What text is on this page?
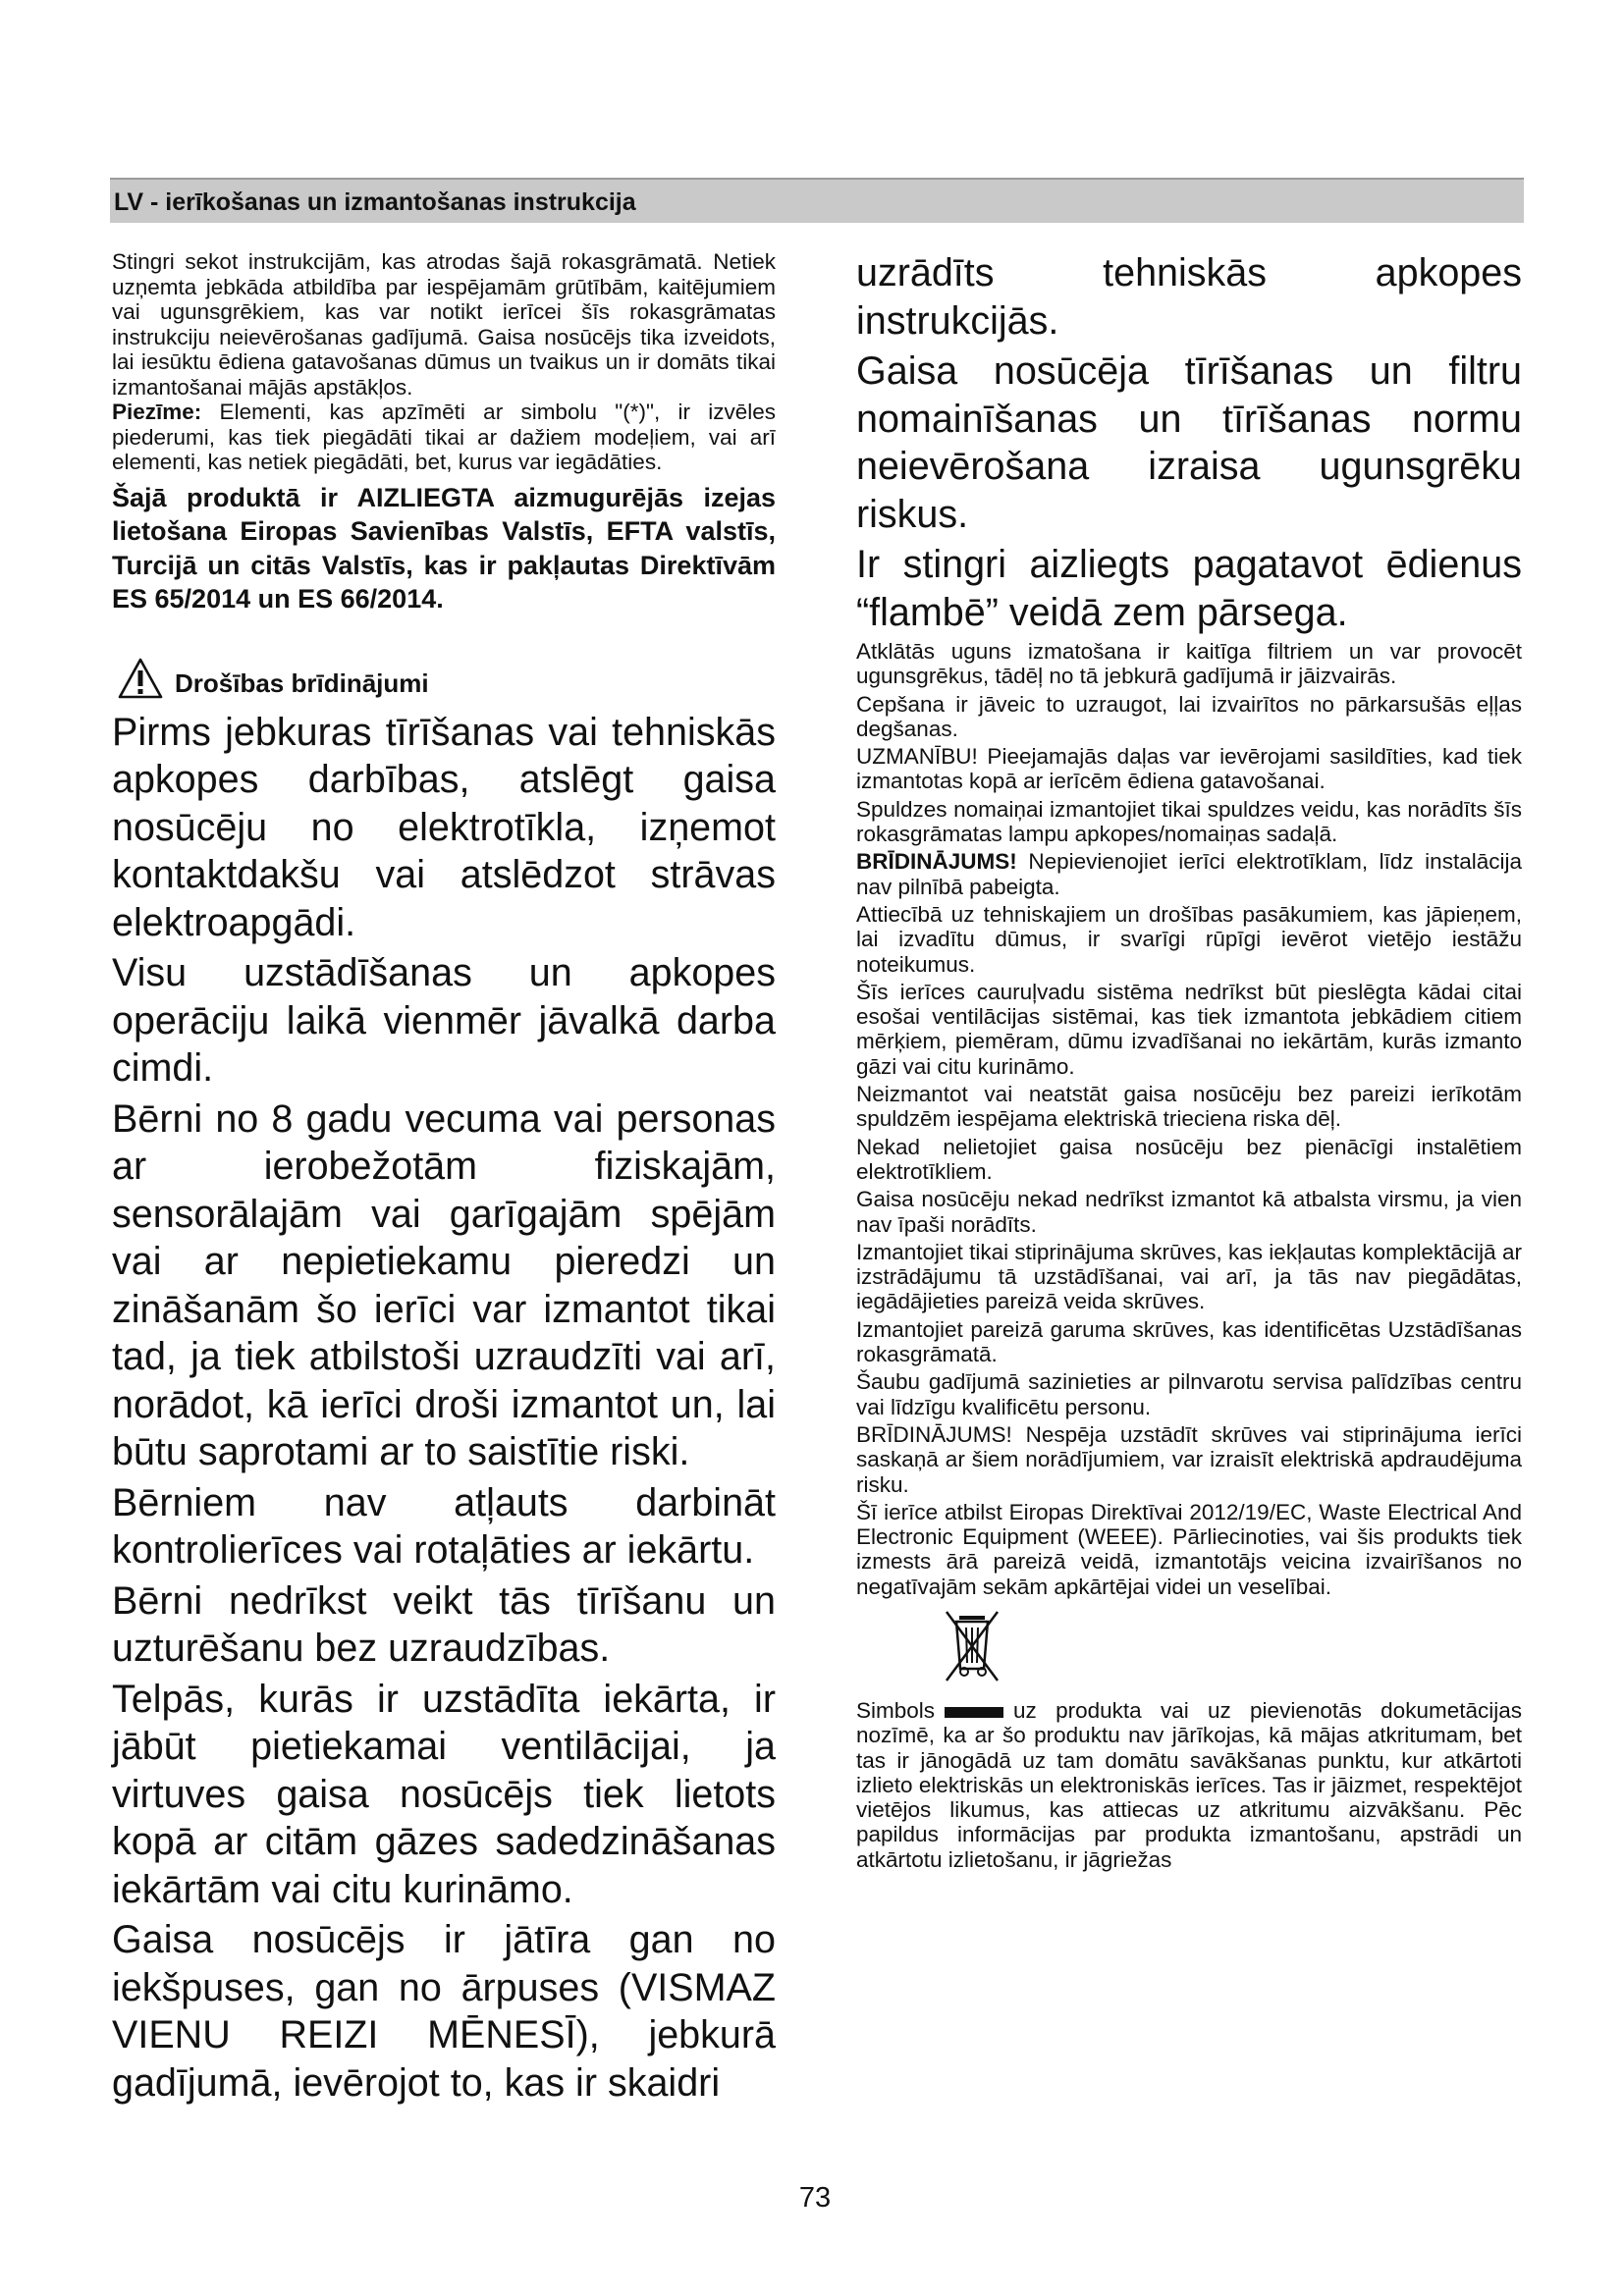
LV - ierīkošanas un izmantošanas instrukcija

Stingri sekot instrukcijām, kas atrodas šajā rokasgrāmatā. Netiek uzņemta jebkāda atbildība par iespējamām grūtībām, kaitējumiem vai ugunsgrēkiem, kas var notikt ierīcei šīs rokasgrāmatas instrukciju neievērošanas gadījumā. Gaisa nosūcējs tika izveidots, lai iesūktu ēdiena gatavošanas dūmus un tvaikus un ir domāts tikai izmantošanai mājās apstākļos.

Piezīme: Elementi, kas apzīmēti ar simbolu "(*)", ir izvēles piederumi, kas tiek piegādāti tikai ar dažiem modeļiem, vai arī elementi, kas netiek piegādāti, bet, kurus var iegādāties.

Šajā produktā ir AIZLIEGTA aizmugurējās izejas lietošana Eiropas Savienības Valstīs, EFTA valstīs, Turcijā un citās Valstīs, kas ir pakļautas Direktīvām ES 65/2014 un ES 66/2014.

Drošības brīdinājumi

Pirms jebkuras tīrīšanas vai tehniskās apkopes darbības, atslēgt gaisa nosūcēju no elektrotīkla, izņemot kontaktdakšu vai atslēdzot strāvas elektroapgādi.

Visu uzstādīšanas un apkopes operāciju laikā vienmēr jāvalkā darba cimdi.

Bērni no 8 gadu vecuma vai personas ar ierobežotām fiziskajām, sensorālajām vai garīgajām spējām vai ar nepietiekamu pieredzi un zināšanām šo ierīci var izmantot tikai tad, ja tiek atbilstoši uzraudzīti vai arī, norādot, kā ierīci droši izmantot un, lai būtu saprotami ar to saistītie riski.

Bērniem nav atļauts darbināt kontrolierīces vai rotaļāties ar iekārtu.

Bērni nedrīkst veikt tās tīrīšanu un uzturēšanu bez uzraudzības.

Telpās, kurās ir uzstādīta iekārta, ir jābūt pietiekamai ventilācijai, ja virtuves gaisa nosūcējs tiek lietots kopā ar citām gāzes sadedzināšanas iekārtām vai citu kurināmo.

Gaisa nosūcējs ir jātīra gan no iekšpuses, gan no ārpuses (VISMAZ VIENU REIZI MĒNESĪ), jebkurā gadījumā, ievērojot to, kas ir skaidri

uzrādīts tehniskās apkopes instrukcijās.

Gaisa nosūcēja tīrīšanas un filtru nomainīšanas un tīrīšanas normu neievērošana izraisa ugunsgrēku riskus.

Ir stingri aizliegts pagatavot ēdienus “flambē” veidā zem pārsega.

Atklātās uguns izmatošana ir kaitīga filtriem un var provocēt ugunsgrēkus, tādēļ no tā jebkurā gadījumā ir jāizvairās.

Cepšana ir jāveic to uzraugot, lai izvairītos no pārkarsušās eļļas degšanas.

UZMANĪBU! Pieejamajās daļas var ievērojami sasildīties, kad tiek izmantotas kopā ar ierīcēm ēdiena gatavošanai.

Spuldzes nomaiņai izmantojiet tikai spuldzes veidu, kas norādīts šīs rokasgrāmatas lampu apkopes/nomaiņas sadaļā.

BRĪDINĀJUMS! Nepievienojiet ierīci elektrotīklam, līdz instalācija nav pilnībā pabeigta.

Attiecībā uz tehniskajiem un drošības pasākumiem, kas jāpieņem, lai izvadītu dūmus, ir svarīgi rūpīgi ievērot vietējo iestāžu noteikumus.

Šīs ierīces cauruļvadu sistēma nedrīkst būt pieslēgta kādai citai esošai ventilācijas sistēmai, kas tiek izmantota jebkādiem citiem mērķiem, piemēram, dūmu izvadīšanai no iekārtām, kurās izmanto gāzi vai citu kurināmo.

Neizmantot vai neatstāt gaisa nosūcēju bez pareizi ierīkotām spuldzēm iespējama elektriskā trieciena riska dēļ.

Nekad nelietojiet gaisa nosūcēju bez pienācīgi instalētiem elektrotīkliem.

Gaisa nosūcēju nekad nedrīkst izmantot kā atbalsta virsmu, ja vien nav īpaši norādīts.

Izmantojiet tikai stiprinājuma skrūves, kas iekļautas komplektācijā ar izstrādājumu tā uzstādīšanai, vai arī, ja tās nav piegādātas, iegādājieties pareizā veida skrūves.

Izmantojiet pareizā garuma skrūves, kas identificētas Uzstādīšanas rokasgrāmatā.

Šaubu gadījumā sazinieties ar pilnvarotu servisa palīdzības centru vai līdzīgu kvalificētu personu.

BRĪDINĀJUMS! Nespēja uzstādīt skrūves vai stiprinājuma ierīci saskaņā ar šiem norādījumiem, var izraisīt elektriskā apdraudējuma risku.

Šī ierīce atbilst Eiropas Direktīvai 2012/19/EC, Waste Electrical And Electronic Equipment (WEEE). Pārliecinoties, vai šis produkts tiek izmests ārā pareizā veidā, izmantotājs veicina izvairīšanos no negatīvajām sekām apkārtējai videi un veselībai.

Simbols	uz produkta vai uz pievienotās dokumetācijas nozīmē, ka ar šo produktu nav jārīkojas, kā mājas atkritumam, bet tas ir jānogādā uz tam domātu savākšanas punktu, kur atkārtoti izlieto elektriskās un elektroniskās ierīces. Tas ir jāizmet, respektējot vietējos likumus, kas attiecas uz atkritumu aizvākšanu. Pēc papildus informācijas par produkta izmantošanu, apstrādi un atkārtotu izlietošanu, ir jāgriežas

73
